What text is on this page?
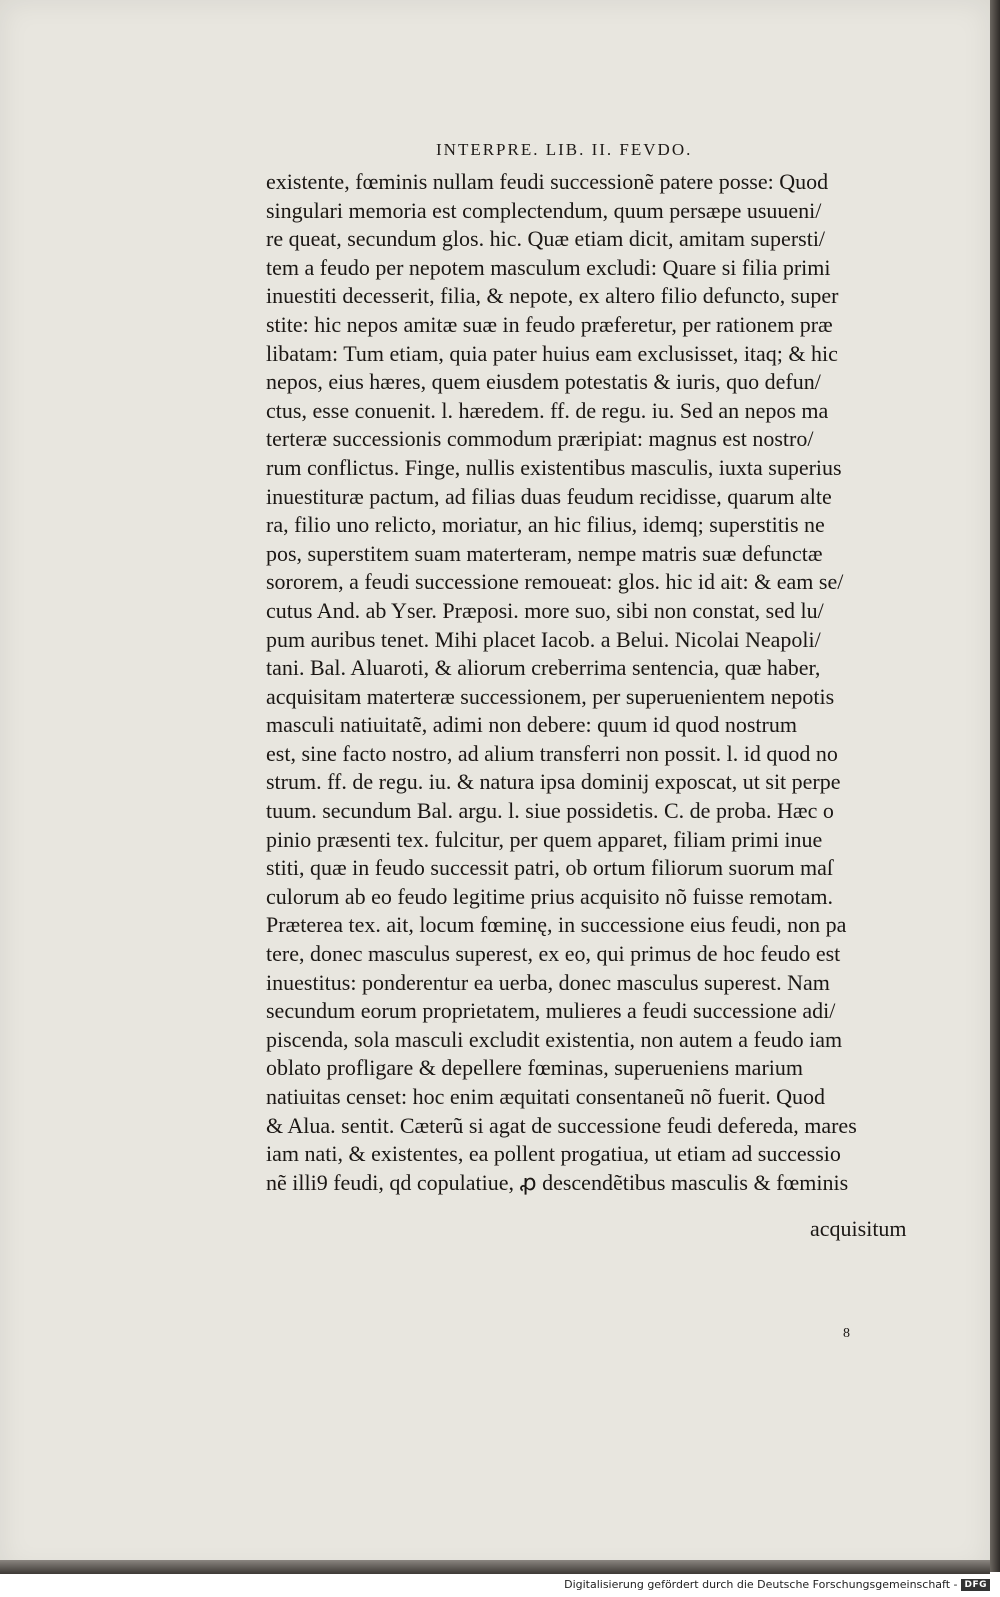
INTERPRE. LIB. II. FEVDO.
existente, fœminis nullam feudi successionẽ patere posse: Quod
singulari memoria est complectendum, quum persæpe usuueni/
re queat, secundum glos. hic. Quæ etiam dicit, amitam supersti/
tem a feudo per nepotem masculum excludi: Quare si filia primi
inuestiti decesserit, filia, & nepote, ex altero filio defuncto, super
stite: hic nepos amitæ suæ in feudo præferetur, per rationem præ
libatam: Tum etiam, quia pater huius eam exclusisset, itaq; & hic
nepos, eius hæres, quem eiusdem potestatis & iuris, quo defun/
ctus, esse conuenit. l. hæredem. ff. de regu. iu. Sed an nepos ma
terteræ successionis commodum præripiat: magnus est nostro/
rum conflictus. Finge, nullis existentibus masculis, iuxta superius
inuestituræ pactum, ad filias duas feudum recidisse, quarum alte
ra, filio uno relicto, moriatur, an hic filius, idemq; superstitis ne
pos, superstitem suam materteram, nempe matris suæ defunctæ
sororem, a feudi successione remoueat: glos. hic id ait: & eam se/
cutus And. ab Yser. Præposi. more suo, sibi non constat, sed lu/
pum auribus tenet. Mihi placet Iacob. a Belui. Nicolai Neapoli/
tani. Bal. Aluaroti, & aliorum creberrima sentencia, quæ haber,
acquisitam materteræ successionem, per superuenientem nepotis
masculi natiuitatẽ, adimi non debere: quum id quod nostrum
est, sine facto nostro, ad alium transferri non possit. l. id quod no
strum. ff. de regu. iu. & natura ipsa dominij exposcat, ut sit perpe
tuum. secundum Bal. argu. l. siue possidetis. C. de proba. Hæc o
pinio præsenti tex. fulcitur, per quem apparet, filiam primi inue
stiti, quæ in feudo successit patri, ob ortum filiorum suorum maſ
culorum ab eo feudo legitime prius acquisito nõ fuisse remotam.
Præterea tex. ait, locum fœminę, in successione eius feudi, non pa
tere, donec masculus superest, ex eo, qui primus de hoc feudo est
inuestitus: ponderentur ea uerba, donec masculus superest. Nam
secundum eorum proprietatem, mulieres a feudi successione adi/
piscenda, sola masculi excludit existentia, non autem a feudo iam
oblato profligare & depellere fœminas, superueniens marium
natiuitas censet: hoc enim æquitati consentaneũ nõ fuerit. Quod
& Alua. sentit. Cæterũ si agat de successione feudi defereda, mares
iam nati, & existentes, ea pollent progatiua, ut etiam ad successio
nẽ illi9 feudi, qd copulatiue, ꝓ descendẽtibus masculis & fœminis
acquisitum
8
Digitalisierung gefördert durch die Deutsche Forschungsgemeinschaft - DFG
